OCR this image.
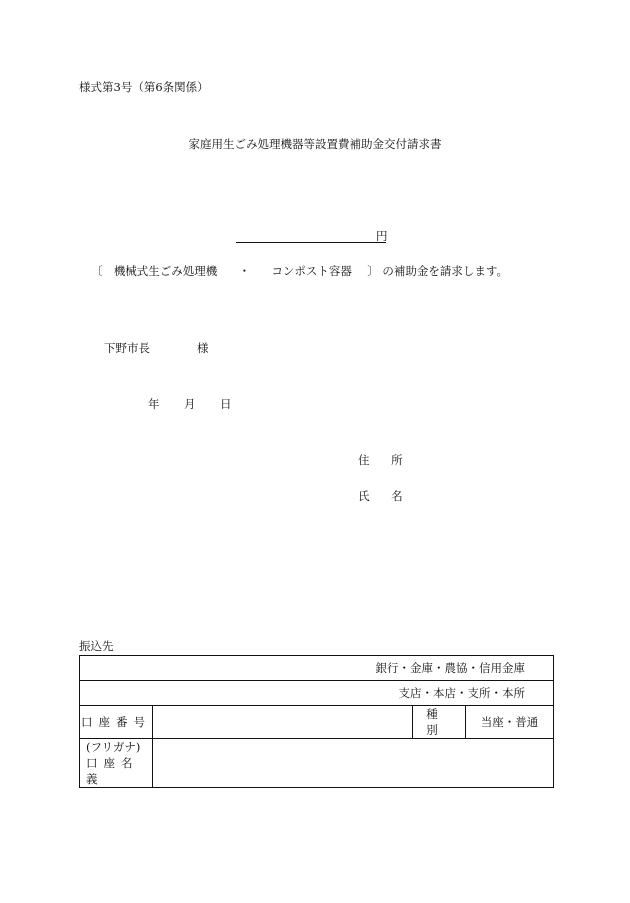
様式第3号（第6条関係）
家庭用生ごみ処理機器等設置費補助金交付請求書
円
〔 機械式生ごみ処理機 ・ コンポスト容器 〕 の補助金を請求します。
下野市長	様
年 月 日
住 所
氏 名
振込先
銀行・金庫・農協・信用金庫			
支店・本店・支所・本所			
口座番号		種 別	当座・普通

(フリガナ)
口座名義			
